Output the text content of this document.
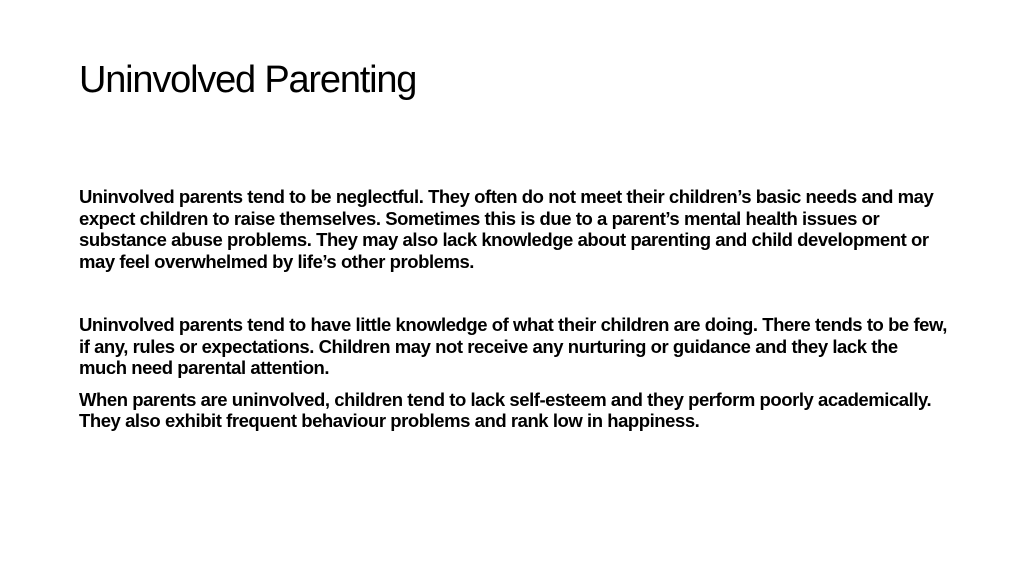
Uninvolved Parenting

Uninvolved parents tend to be neglectful. They often do not meet their children’s basic needs and may expect children to raise themselves. Sometimes this is due to a parent’s mental health issues or substance abuse problems. They may also lack knowledge about parenting and child development or may feel overwhelmed by life’s other problems.

Uninvolved parents tend to have little knowledge of what their children are doing. There tends to be few, if any, rules or expectations. Children may not receive any nurturing or guidance and they lack the much need parental attention.

When parents are uninvolved, children tend to lack self-esteem and they perform poorly academically. They also exhibit frequent behaviour problems and rank low in happiness.
